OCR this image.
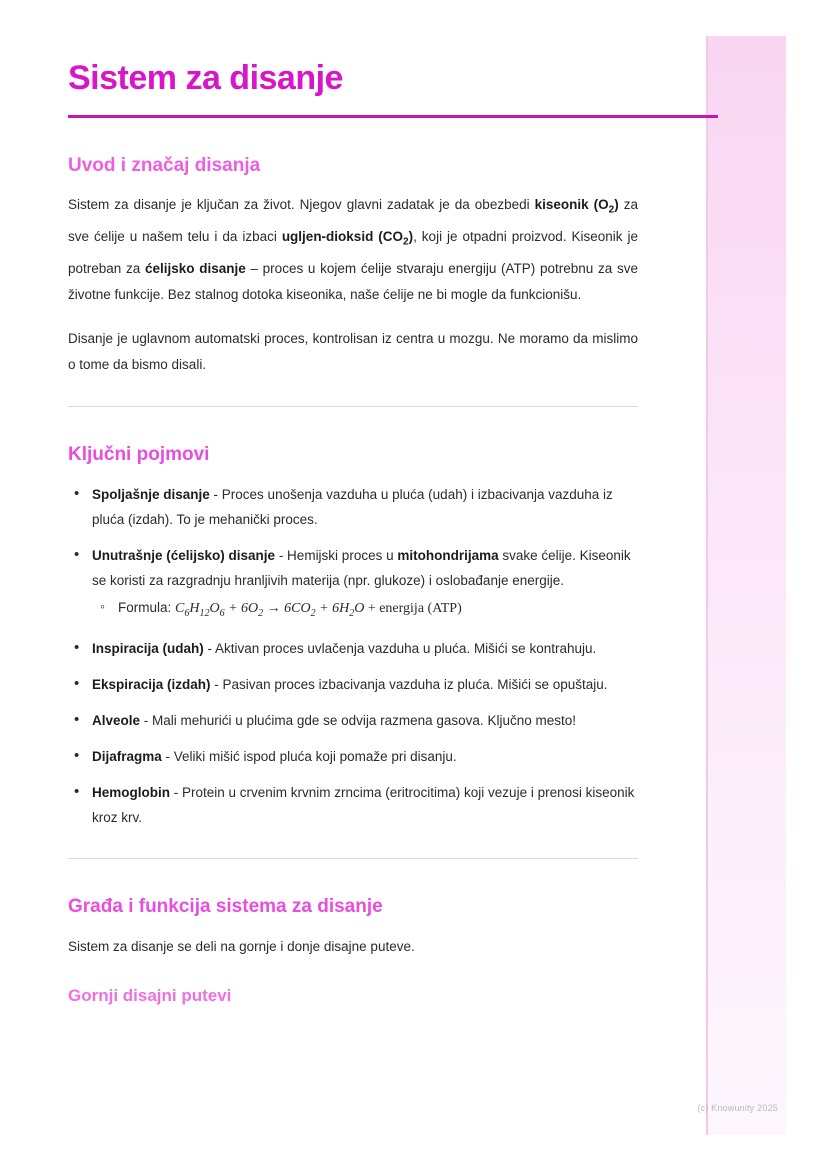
Sistem za disanje
Uvod i značaj disanja

Sistem za disanje je ključan za život. Njegov glavni zadatak je da obezbedi kiseonik $(O_2)$ za sve ćelije u našem telu i da izbaci ugljen-dioksid $(CO_2)$, koji je otpadni proizvod. Kiseonik je potreban za ćelijsko disanje – proces u kojem ćelije stvaraju energiju (ATP) potrebnu za sve životne funkcije. Bez stalnog dotoka kiseonika, naše ćelije ne bi mogle da funkcionišu.

Disanje je uglavnom automatski proces, kontrolisan iz centra u mozgu. Ne moramo da mislimo o tome da bismo disali.

Ključni pojmovi
• Spoljašnje disanje - Proces unošenja vazduha u pluća (udah) i izbacivanja vazduha iz pluća (izdah). To je mehanički proces.
• Unutrašnje (ćelijsko) disanje - Hemijski proces u mitohondrijama svake ćelije. Kiseonik se koristi za razgradnju hranljivih materija (npr. glukoze) i oslobađanje energije.
◦ Formula: $C_6H_{12}O_6 + 6O_2 \to 6CO_2 + 6H_2O$ + energija (ATP)
• Inspiracija (udah) - Aktivan proces uvlačenja vazduha u pluća. Mišići se kontrahuju.
• Ekspiracija (izdah) - Pasivan proces izbacivanja vazduha iz pluća. Mišići se opuštaju.
• Alveole - Mali mehurići u plućima gde se odvija razmena gasova. Ključno mesto!
• Dijafragma - Veliki mišić ispod pluća koji pomaže pri disanju.
• Hemoglobin - Protein u crvenim krvnim zrncima (eritrocitima) koji vezuje i prenosi kiseonik kroz krv.
Građa i funkcija sistema za disanje

Sistem za disanje se deli na gornje i donje disajne puteve.

Gornji disajni putevi
(c) Knowunity 2025
